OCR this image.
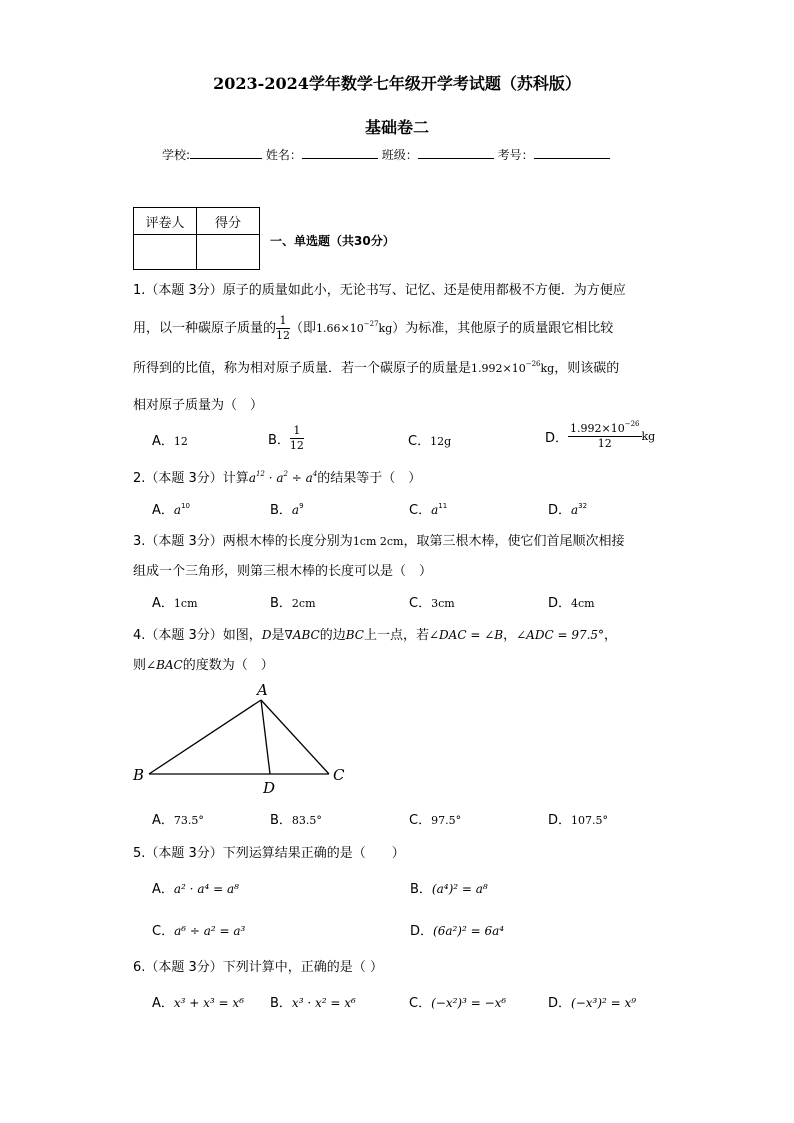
2023-2024学年数学七年级开学考试题（苏科版）
基础卷二
学校:	姓名：	班级：	考号：
评卷人	得分

一、单选题（共30分）
1.（本题 3分）原子的质量如此小，无论书写、记忆、还是使用都极不方便．为方便应
用，以一种碳原子质量的 $\frac{1}{12}$ （即$1.66\times 10^{-27}kg$）为标准，其他原子的质量跟它相比较
所得到的比值，称为相对原子质量．若一个碳原子的质量是$1.992\times 10^{-26}kg$，则该碳的
相对原子质量为（　）
A．12	B． $\frac{1}{12}$	C．12g	D． $\frac{1.992\times 10^{-26}}{12}$ kg
2.（本题 3分）计算$a^{12} \cdot a^2 \div a^4$的结果等于（　）
A．$a^{10}$	B．$a^9$	C．$a^{11}$	D．$a^{32}$
3.（本题 3分）两根木棒的长度分别为1cm 2cm，取第三根木棒，使它们首尾顺次相接
组成一个三角形，则第三根木棒的长度可以是（　）
A．1cm	B．2cm	C．3cm	D．4cm
4.（本题 3分）如图，D是∇ABC的边BC上一点，若∠DAC = ∠B，∠ADC = 97.5°，
则∠BAC的度数为（　）
A
B	C
D
A．73.5°	B．83.5°	C．97.5°	D．107.5°
5.（本题 3分）下列运算结果正确的是（　　）
A．a² · a⁴ = a⁸	B．(a⁴)² = a⁸
C．a⁶ ÷ a² = a³	D．(6a²)² = 6a⁴
6.（本题 3分）下列计算中，正确的是（ ）
A．x³ + x³ = x⁶ B．x³ · x² = x⁶	C．(−x²)³ = −x⁶	D．(−x³)² = x⁹
